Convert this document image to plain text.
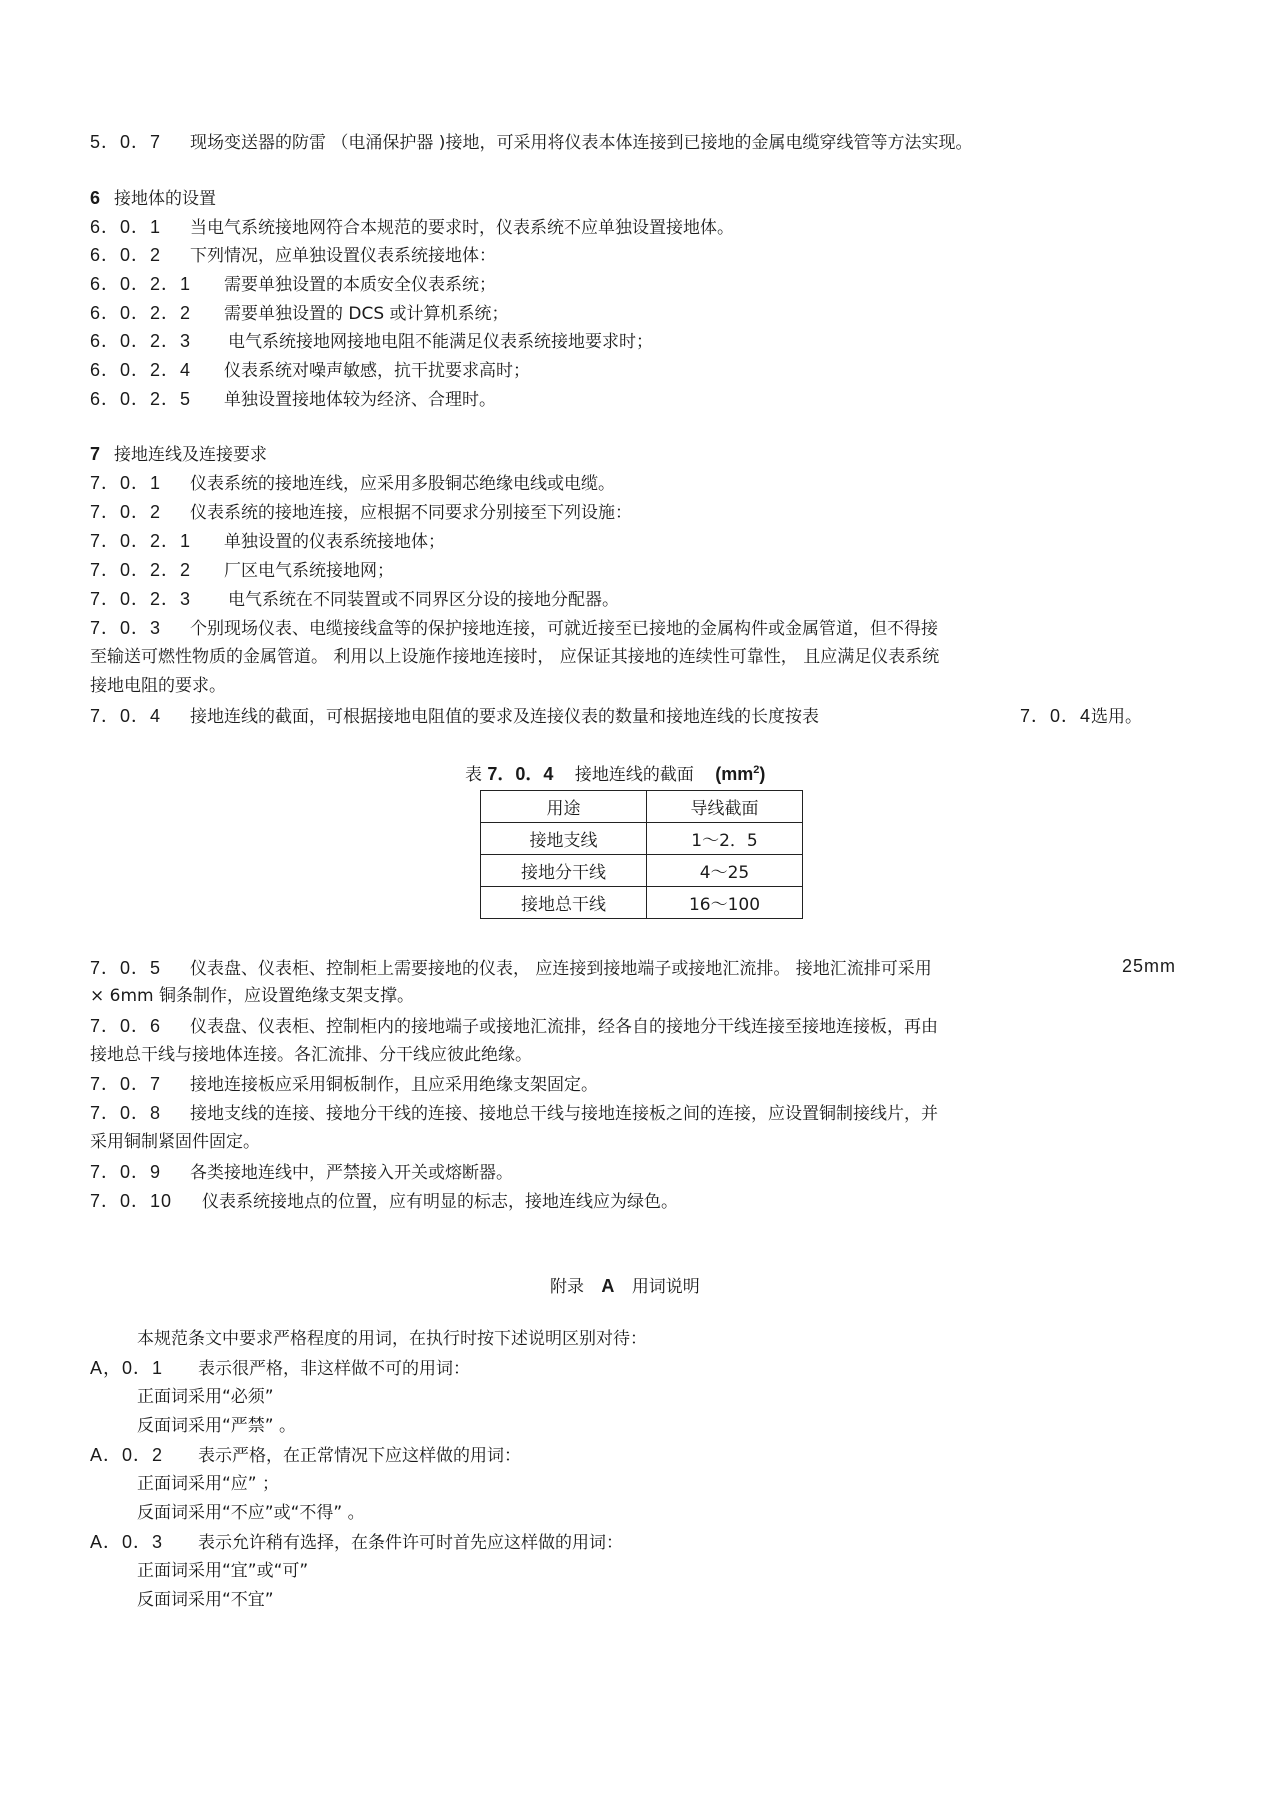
5．0．7 现场变送器的防雷 （电涌保护器 )接地，可采用将仪表本体连接到已接地的金属电缆穿线管等方法实现。
6 接地体的设置
6．0．1 当电气系统接地网符合本规范的要求时，仪表系统不应单独设置接地体。
6．0．2 下列情况，应单独设置仪表系统接地体：
6．0．2．1 需要单独设置的本质安全仪表系统；
6．0．2．2 需要单独设置的 DCS 或计算机系统；
6．0．2．3 电气系统接地网接地电阻不能满足仪表系统接地要求时；
6．0．2．4 仪表系统对噪声敏感，抗干扰要求高时；
6．0．2．5 单独设置接地体较为经济、合理时。
7 接地连线及连接要求
7．0．1 仪表系统的接地连线，应采用多股铜芯绝缘电线或电缆。
7．0．2 仪表系统的接地连接，应根据不同要求分别接至下列设施：
7．0．2．1 单独设置的仪表系统接地体；
7．0．2．2 厂区电气系统接地网；
7．0．2．3 电气系统在不同装置或不同界区分设的接地分配器。
7．0．3 个别现场仪表、电缆接线盒等的保护接地连接，可就近接至已接地的金属构件或金属管道，但不得接
至输送可燃性物质的金属管道。 利用以上设施作接地连接时， 应保证其接地的连续性可靠性， 且应满足仪表系统
接地电阻的要求。
7．0．4 接地连线的截面，可根据接地电阻值的要求及连接仪表的数量和接地连线的长度按表	7．0．4选用。
表 7．0．4 接地连线的截面 $(mm^2)$
用途	导线截面
接地支线	1～2．5
接地分干线	4～25
接地总干线	16～100
7．0．5 仪表盘、仪表柜、控制柜上需要接地的仪表， 应连接到接地端子或接地汇流排。 接地汇流排可采用	25mm
× 6mm 铜条制作，应设置绝缘支架支撑。
7．0．6 仪表盘、仪表柜、控制柜内的接地端子或接地汇流排，经各自的接地分干线连接至接地连接板，再由
接地总干线与接地体连接。各汇流排、分干线应彼此绝缘。
7．0．7 接地连接板应采用铜板制作，且应采用绝缘支架固定。
7．0．8 接地支线的连接、接地分干线的连接、接地总干线与接地连接板之间的连接，应设置铜制接线片，并
采用铜制紧固件固定。
7．0．9 各类接地连线中，严禁接入开关或熔断器。
7．0．10 仪表系统接地点的位置，应有明显的标志，接地连线应为绿色。
附录 A 用词说明
本规范条文中要求严格程度的用词，在执行时按下述说明区别对待：
A，0．1 表示很严格，非这样做不可的用词：
正面词采用“必须”
反面词采用“严禁” 。
A．0．2 表示严格，在正常情况下应这样做的用词：
正面词采用“应” ；
反面词采用“不应”或“不得” 。
A．0．3 表示允许稍有选择，在条件许可时首先应这样做的用词：
正面词采用“宜”或“可”
反面词采用“不宜”
